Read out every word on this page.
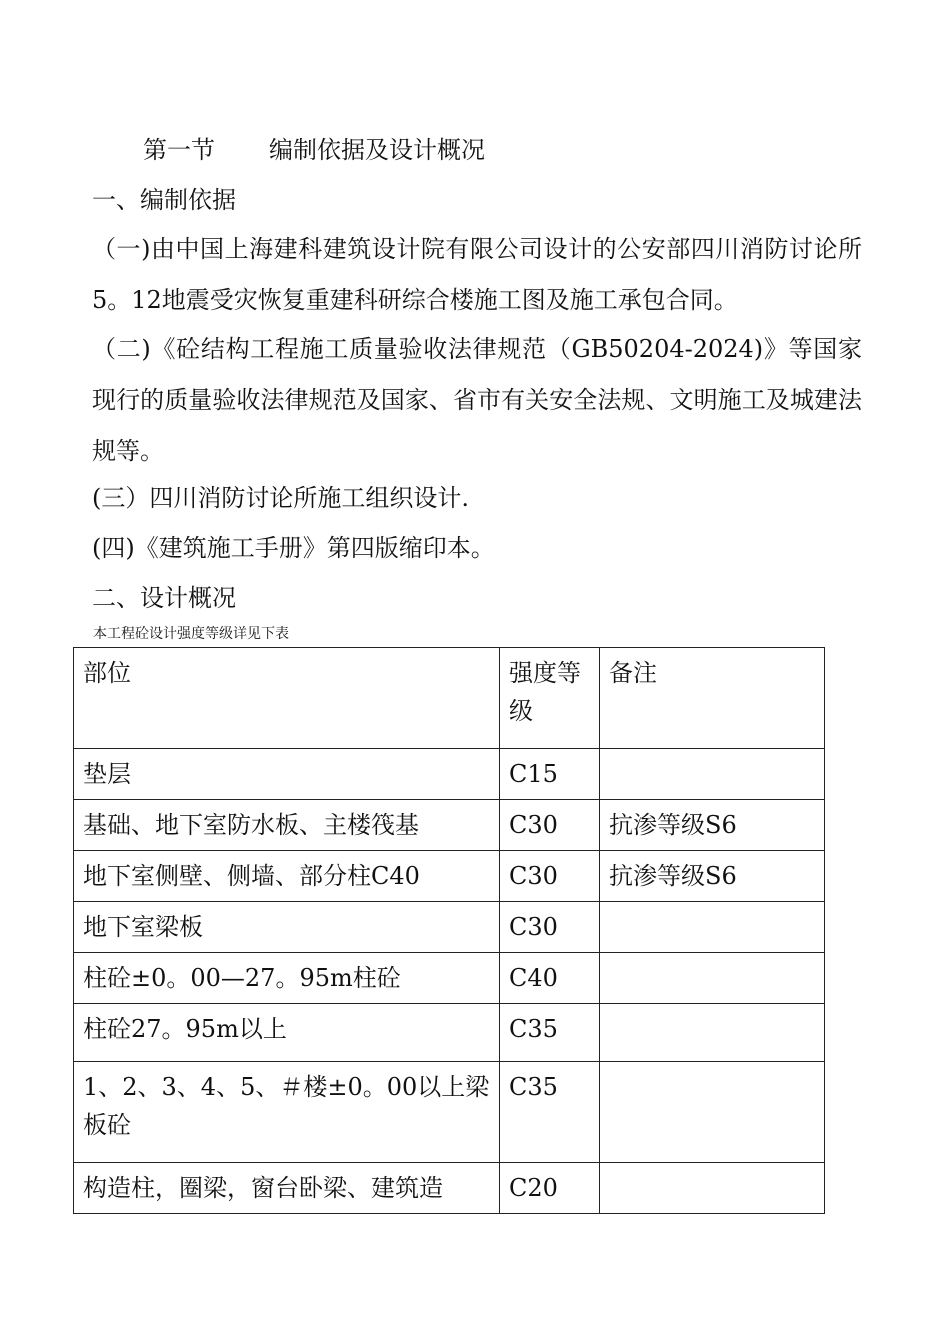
第一节 编制依据及设计概况
一、编制依据
（一)由中国上海建科建筑设计院有限公司设计的公安部四川消防讨论所5。12地震受灾恢复重建科研综合楼施工图及施工承包合同。
（二)《砼结构工程施工质量验收法律规范（GB50204-2024)》等国家现行的质量验收法律规范及国家、省市有关安全法规、文明施工及城建法规等。
(三）四川消防讨论所施工组织设计.
(四)《建筑施工手册》第四版缩印本。
二、设计概况
本工程砼设计强度等级详见下表
部位	强度等级	备注
垫层	C15	
基础、地下室防水板、主楼筏基	C30	抗渗等级S6
地下室侧壁、侧墙、部分柱C40	C30	抗渗等级S6
地下室梁板	C30	
柱砼±0。00—27。95m柱砼	C40	
柱砼27。95m以上	C35	
1、2、3、4、5、＃楼±0。00以上梁板砼	C35	
构造柱，圈梁，窗台卧梁、建筑造	C20	
